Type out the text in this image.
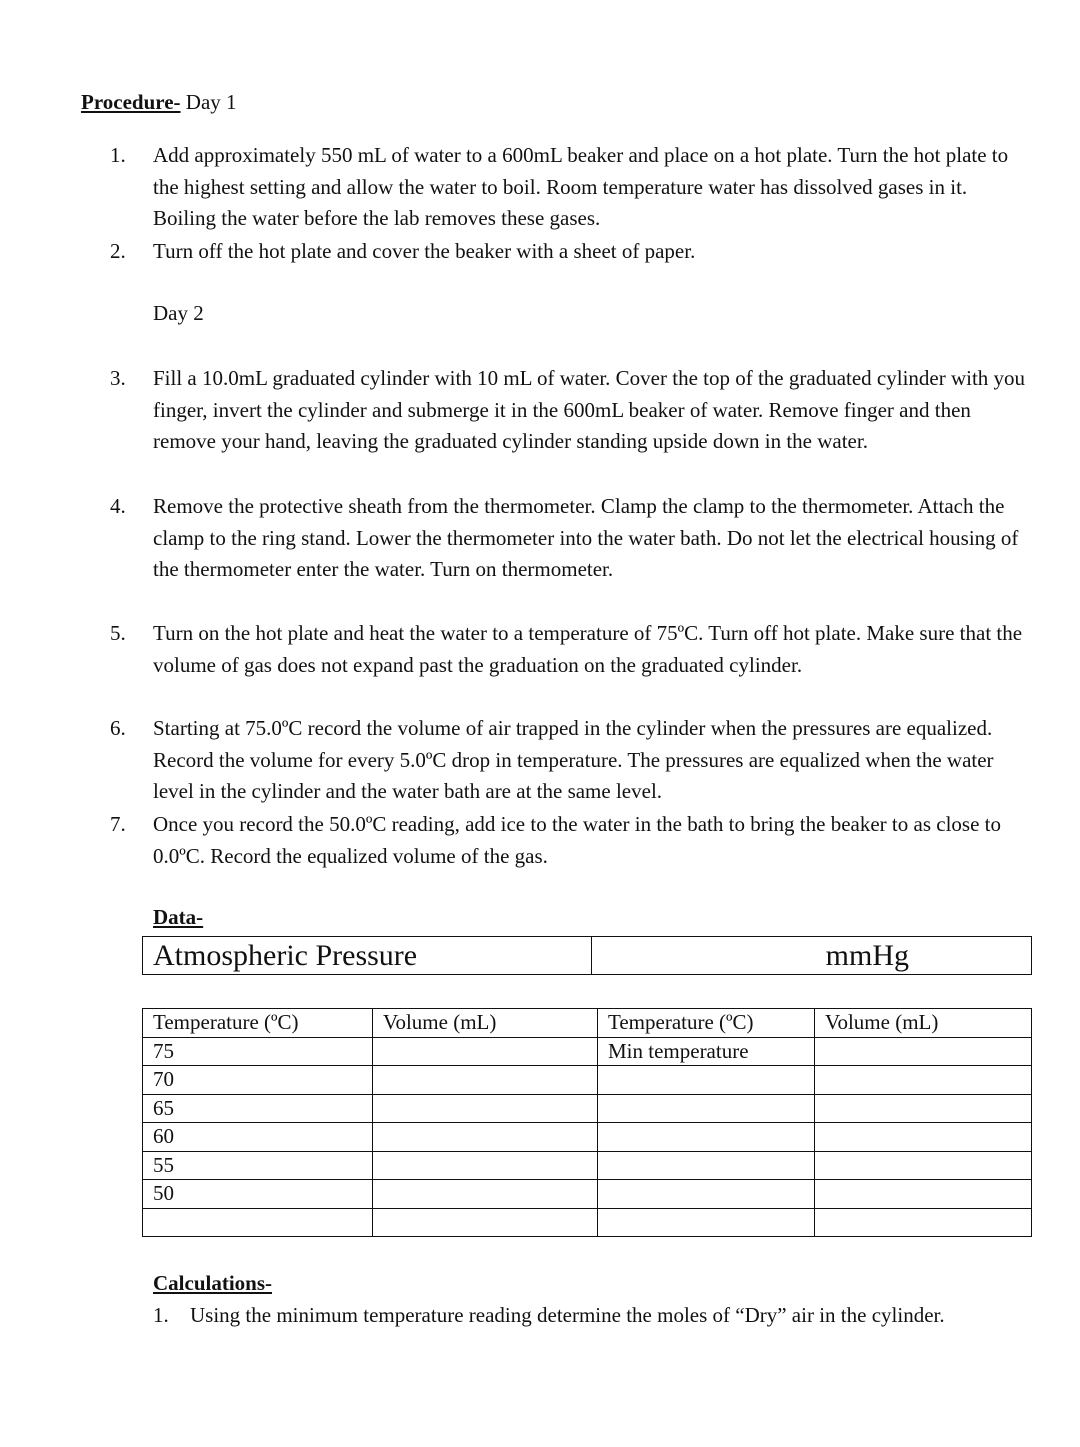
Procedure- Day 1
1.	Add approximately 550 mL of water to a 600mL beaker and place on a hot plate. Turn the hot plate to the highest setting and allow the water to boil. Room temperature water has dissolved gases in it. Boiling the water before the lab removes these gases.
2.	Turn off the hot plate and cover the beaker with a sheet of paper.
Day 2
3.	Fill a 10.0mL graduated cylinder with 10 mL of water. Cover the top of the graduated cylinder with you finger, invert the cylinder and submerge it in the 600mL beaker of water. Remove finger and then remove your hand, leaving the graduated cylinder standing upside down in the water.
4.	Remove the protective sheath from the thermometer. Clamp the clamp to the thermometer. Attach the clamp to the ring stand. Lower the thermometer into the water bath. Do not let the electrical housing of the thermometer enter the water. Turn on thermometer.
5.	Turn on the hot plate and heat the water to a temperature of 75ºC. Turn off hot plate. Make sure that the volume of gas does not expand past the graduation on the graduated cylinder.
6.	Starting at 75.0ºC record the volume of air trapped in the cylinder when the pressures are equalized. Record the volume for every 5.0ºC drop in temperature. The pressures are equalized when the water level in the cylinder and the water bath are at the same level.
7.	Once you record the 50.0ºC reading, add ice to the water in the bath to bring the beaker to as close to 0.0ºC. Record the equalized volume of the gas.
Data-
Atmospheric Pressure	mmHg
Temperature (ºC)	Volume (mL)	Temperature (ºC)	Volume (mL)
75		Min temperature	
70			
65			
60			
55			
50			

Calculations-
1. Using the minimum temperature reading determine the moles of “Dry” air in the cylinder.
